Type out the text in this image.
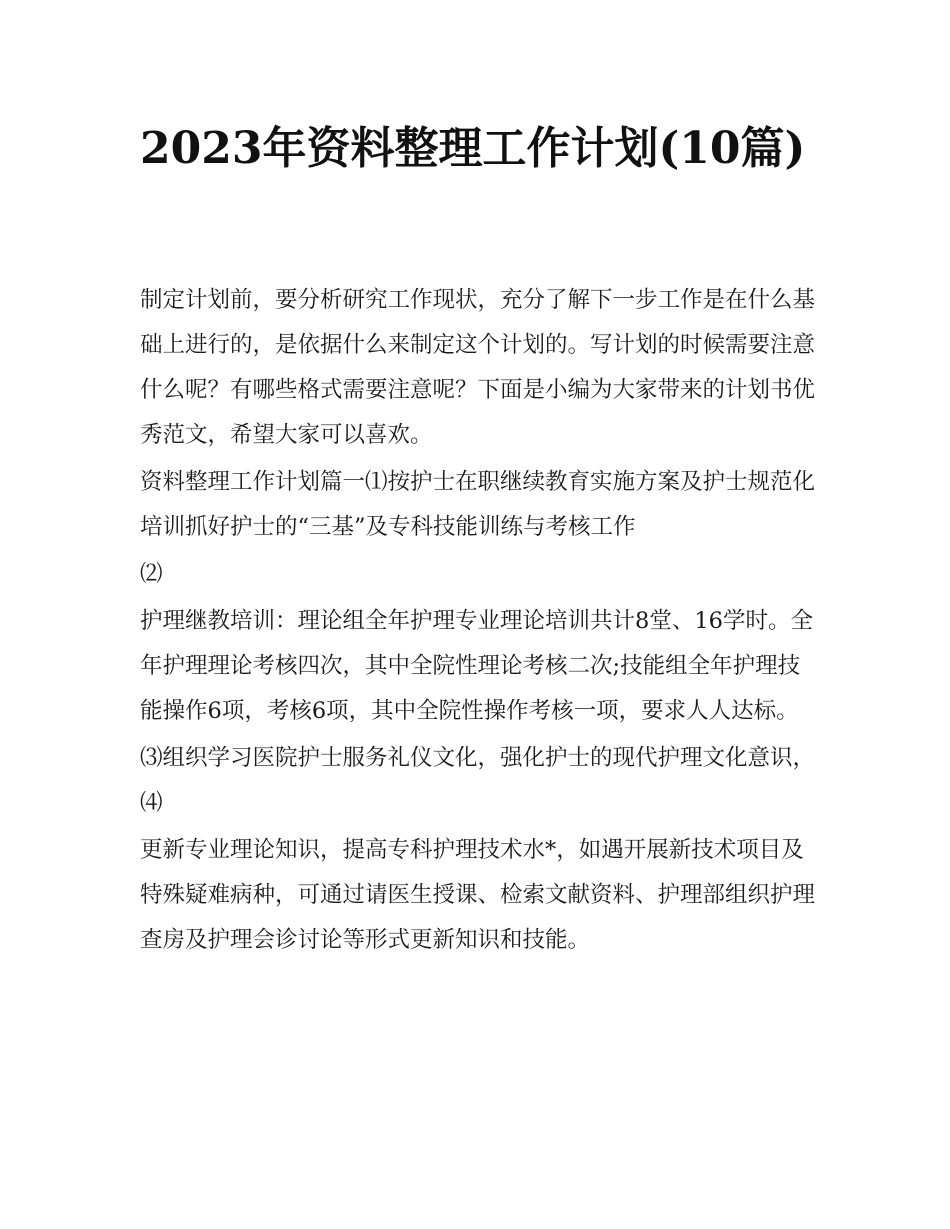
2023年资料整理工作计划(10篇)

制定计划前，要分析研究工作现状，充分了解下一步工作是在什么基础上进行的，是依据什么来制定这个计划的。写计划的时候需要注意什么呢？有哪些格式需要注意呢？下面是小编为大家带来的计划书优秀范文，希望大家可以喜欢。

资料整理工作计划篇一⑴按护士在职继续教育实施方案及护士规范化培训抓好护士的“三基”及专科技能训练与考核工作

⑵

护理继教培训：理论组全年护理专业理论培训共计8堂、16学时。全年护理理论考核四次，其中全院性理论考核二次;技能组全年护理技能操作6项，考核6项，其中全院性操作考核一项，要求人人达标。

⑶组织学习医院护士服务礼仪文化，强化护士的现代护理文化意识，⑷

更新专业理论知识，提高专科护理技术水*，如遇开展新技术项目及特殊疑难病种，可通过请医生授课、检索文献资料、护理部组织护理查房及护理会诊讨论等形式更新知识和技能。
